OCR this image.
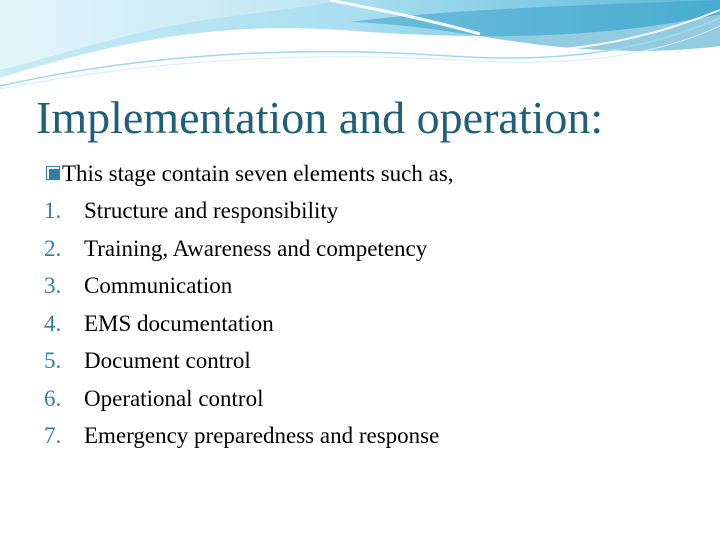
Implementation and operation:
This stage contain seven elements such as,
1. Structure and responsibility
2. Training, Awareness and competency
3. Communication
4. EMS documentation
5. Document control
6. Operational control
7. Emergency preparedness and response
